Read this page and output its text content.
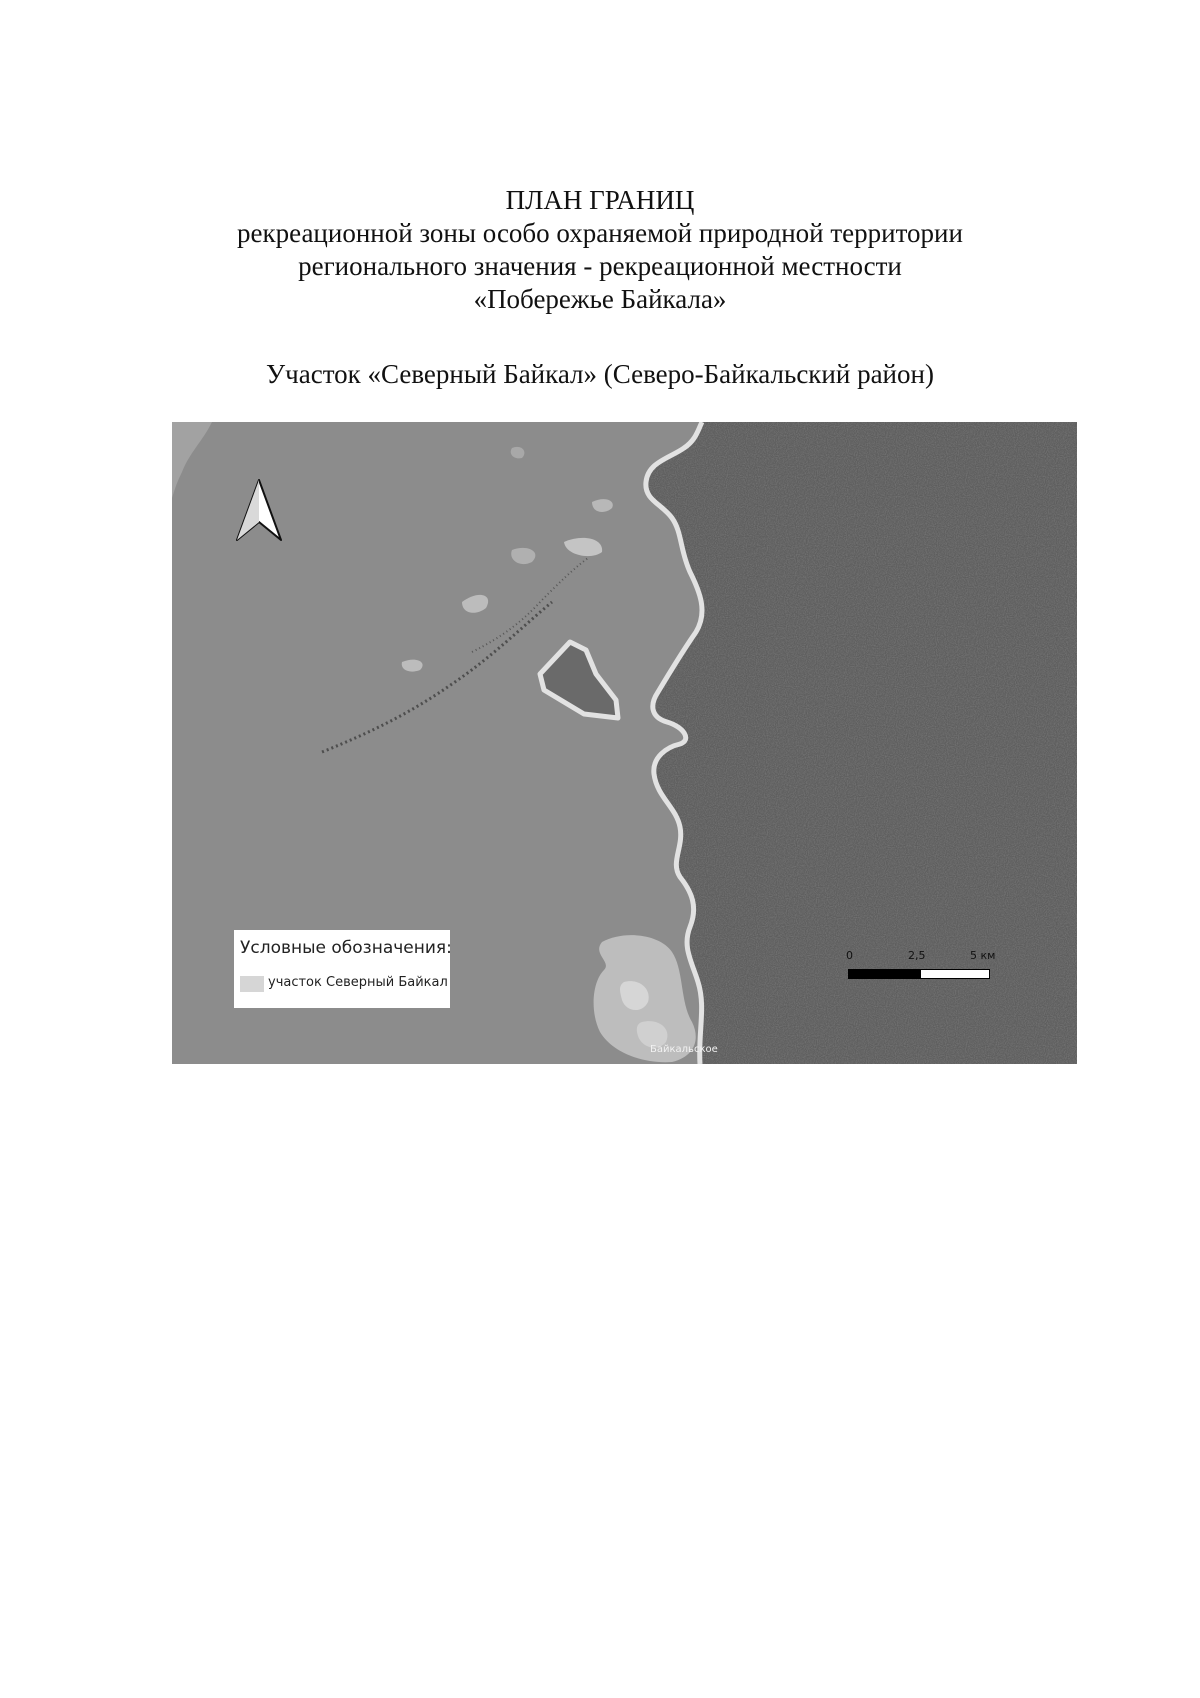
ПЛАН ГРАНИЦ
рекреационной зоны особо охраняемой природной территории
регионального значения - рекреационной местности
«Побережье Байкала»
Участок «Северный Байкал» (Северо-Байкальский район)
Условные обозначения:
участок Северный Байкал
0	2,5	5 км
Байкальское
